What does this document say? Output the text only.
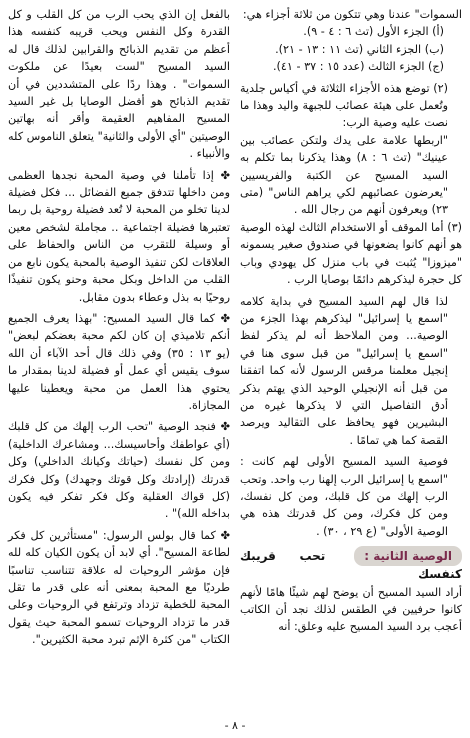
السموات" عندنا وهي تتكون من ثلاثة أجزاء هي:

(أ) الجزء الأول (تث ٦ : ٤ - ٩).

(ب) الجزء الثاني (تث ١١ : ١٣ - ٢١).

(ج) الجزء الثالث (عدد ١٥ : ٣٧ - ٤١).

(٢) توضع هذه الأجزاء الثلاثة في أكياس جلدية وتُعمل على هيئة عصائب للجبهة واليد وهذا ما نصت عليه وصية الرب:

"اربطها علامة على يدك ولتكن عصائب بين عينيك" (تث ٦ : ٨) وهذا يذكرنا بما تكلم به السيد المسيح عن الكتبة والفريسيين "يعرضون عصائبهم لكي يراهم الناس" (متى ٢٣) ويعرفون أنهم من رجال الله .

(٣) أما الموقف أو الاستخدام الثالث لهذه الوصية هو أنهم كانوا يضعونها في صندوق صغير يسمونه "ميزوزا" يُثبت في باب منزل كل يهودي وباب كل حجرة ليذكرهم دائمًا بوصايا الرب .

لذا قال لهم السيد المسيح في بداية كلامه "اسمع يا إسرائيل" ليذكرهم بهذا الجزء من الوصية... ومن الملاحظ أنه لم يذكر لفظ "اسمع يا إسرائيل" من قبل سوى هنا في إنجيل معلمنا مرقس الرسول لأنه كما اتفقنا من قبل أنه الإنجيلي الوحيد الذي يهتم بذكر أدق التفاصيل التي لا يذكرها غيره من البشيرين فهو يحافظ على التقاليد ويرصد القصة كما هي تمامًا .

فوصية السيد المسيح الأولى لهم كانت : "اسمع يا إسرائيل الرب إلهنا رب واحد. وتحب الرب إلهك من كل قلبك، ومن كل نفسك، ومن كل فكرك، ومن كل قدرتك هذه هي الوصية الأولى" (ع ٢٩ ، ٣٠) .

الوصية الثانية : تحب قريبك كنفسك

أراد السيد المسيح أن يوضح لهم شيئًا هامًا لأنهم كانوا حرفيين في الطقس لذلك نجد أن الكاتب أعجب برد السيد المسيح عليه وعلق: أنه

بالفعل إن الذي يحب الرب من كل القلب و كل القدرة وكل النفس ويحب قريبه كنفسه هذا أعظم من تقديم الذبائح والقرابين لذلك قال له السيد المسيح "لست بعيدًا عن ملكوت السموات" . وهذا ردًا على المتشددين في أن تقديم الذبائح هو أفضل الوصايا بل غير السيد المسيح المفاهيم العقيمة وأقر أنه بهاتين الوصيتين "أي الأولى والثانية" يتعلق الناموس كله والأنبياء .

✤ إذا تأملنا في وصية المحبة نجدها العظمى ومن داخلها تتدفق جميع الفضائل ... فكل فضيلة لدينا تخلو من المحبة لا تُعد فضيلة روحية بل ربما تعتبرها فضيلة اجتماعية .. مجاملة لشخص معين أو وسيلة للتقرب من الناس والحفاظ على العلاقات لكن تنفيذ الوصية بالمحبة يكون نابع من القلب من الداخل وبكل محبة وحنو يكون تنفيذًا روحيًا به بذل وعطاء بدون مقابل.

✤ كما قال السيد المسيح: "بهذا يعرف الجميع أنكم تلاميذي إن كان لكم محبة بعضكم لبعض" (يو ١٣ : ٣٥) وفي ذلك قال أحد الآباء أن الله سوف يقيس أي عمل أو فضيلة لدينا بمقدار ما يحتوي هذا العمل من محبة ويعطينا عليها المجازاة.

✤ فنجد الوصية "تحب الرب إلهك من كل قلبك (أي عواطفك وأحاسيسك... ومشاعرك الداخلية) ومن كل نفسك (حياتك وكيانك الداخلي) وكل قدرتك (إرادتك وكل قوتك وجهدك) وكل فكرك (كل قواك العقلية وكل فكر تفكر فيه يكون بداخله الله)" .

✤ كما قال بولس الرسول: "مستأثرين كل فكر لطاعة المسيح". أي لابد أن يكون الكيان كله لله فإن مؤشر الروحيات له علاقة تتناسب تناسبًا طرديًا مع المحبة بمعنى أنه على قدر ما تقل المحبة للخطية تزداد وترتفع في الروحيات وعلى قدر ما تزداد الروحيات تسمو المحبة حيث يقول الكتاب "من كثرة الإثم تبرد محبة الكثيرين".

- ٨ -
